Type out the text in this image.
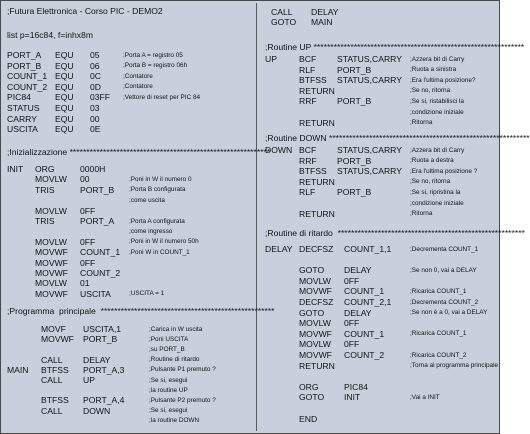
;Futura Elettronica - Corso PIC - DEMO2
list p=16c84, f=inhx8m
PORT_A EQU 05	;Porta A = registro 05
PORT_B EQU 06	;Porta B = registro 06h
COUNT_1 EQU 0C	;Contatore
COUNT_2 EQU 0D	;Contatore
PIC84	EQU 03FF ;Vettore di reset per PIC 84
STATUS EQU 03
CARRY EQU 00
USCITA EQU 0E
;Inizializzazione ************************************************************
INIT ORG	0000H
MOVLW 00	;Poni in W il numero 0
TRIS	PORT_B ;Porta B configurata
;come uscita
MOVLW 0FF
TRIS	PORT_A ;Porta A configurata
;come ingresso
MOVLW 0FF	;Poni in W il numero 50h
MOVWF COUNT_1 ;Poni W in COUNT_1
MOVWF 0FF
MOVWF COUNT_2
MOVLW 01
MOVWF USCITA	;USCITA = 1
;Programma  principale  ****************************************************
MOVF USCITA,1	;Carica in W uscita
MOVWF PORT_B	;Poni USCITA
;su PORT_B
CALL DELAY	;Routine di ritardo
MAIN BTFSS PORT_A,3	;Pulsante P1 premuto ?
CALL UP	;Se si, esegui
;la routine UP
BTFSS PORT_A,4	;Pulsante P2 premuto ?
CALL DOWN	;Se si, esegui
;la routine DOWN
CALL DELAY
GOTO MAIN
;Routine UP ***************************************************************
UP	BCF STATUS,CARRY ;Azzera bit di Carry
RLF	PORT_B	;Ruota a sinistra
BTFSS STATUS,CARRY ;Era l'ultima posizione?
RETURN	;Se no, ritorna
RRF PORT_B	;Se si, ristabilisci la
;condizione iniziale
RETURN	;Ritorna
;Routine DOWN ************************************************************
DOWN BCF STATUS,CARRY ;Azzera bit di Carry
RRF PORT_B	;Ruota a destra
BTFSS STATUS,CARRY ;Era l'ultima posizione ?
RETURN	;Se no, ritorna
RLF	PORT_B	;Se si, ripristina la
;condizione iniziale
RETURN	;Ritorna
;Routine di ritardo  ********************************************************
DELAY DECFSZ COUNT_1,1	;Decrementa COUNT_1
GOTO DELAY	;Se non 0, vai a DELAY
MOVLW 0FF
MOVWF COUNT_1	;Ricarica COUNT_1
DECFSZ COUNT_2,1	;Decrementa COUNT_2
GOTO DELAY	;Se non è a 0, vai a DELAY
MOVLW 0FF
MOVWF COUNT_1	;Ricarica COUNT_1
MOVLW 0FF
MOVWF COUNT_2	;Ricarica COUNT_2
RETURN	;Torna al programma principale
ORG	PIC84
GOTO INIT	;Vai a INIT
END
